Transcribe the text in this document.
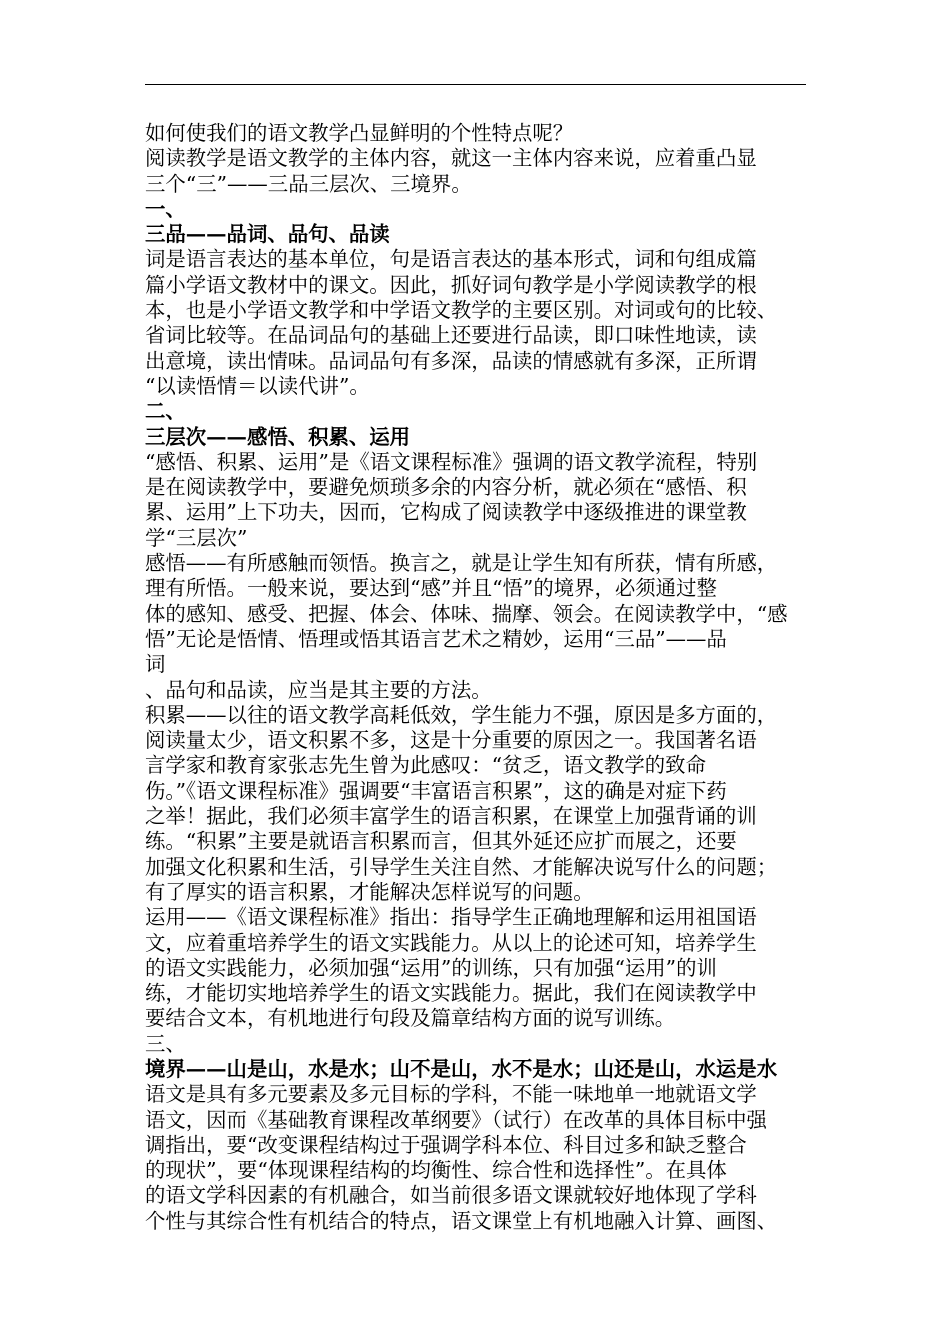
如何使我们的语文教学凸显鲜明的个性特点呢？

阅读教学是语文教学的主体内容，就这一主体内容来说，应着重凸显

三个“三”——三品三层次、三境界。

一、

三品——品词、品句、品读

词是语言表达的基本单位，句是语言表达的基本形式，词和句组成篇

篇小学语文教材中的课文。因此，抓好词句教学是小学阅读教学的根

本，也是小学语文教学和中学语文教学的主要区别。对词或句的比较、

省词比较等。在品词品句的基础上还要进行品读，即口味性地读，读

出意境，读出情味。品词品句有多深，品读的情感就有多深，正所谓

“以读悟情＝以读代讲”。

二、

三层次——感悟、积累、运用

“感悟、积累、运用”是《语文课程标准》强调的语文教学流程，特别

是在阅读教学中，要避免烦琐多余的内容分析，就必须在“感悟、积

累、运用”上下功夫，因而，它构成了阅读教学中逐级推进的课堂教

学“三层次”

感悟——有所感触而领悟。换言之，就是让学生知有所获，情有所感，

理有所悟。一般来说，要达到“感”并且“悟”的境界，必须通过整

体的感知、感受、把握、体会、体味、揣摩、领会。在阅读教学中，“感

悟”无论是悟情、悟理或悟其语言艺术之精妙，运用“三品”——品

词

、品句和品读，应当是其主要的方法。

积累——以往的语文教学高耗低效，学生能力不强，原因是多方面的，

阅读量太少，语文积累不多，这是十分重要的原因之一。我国著名语

言学家和教育家张志先生曾为此感叹：“贫乏，语文教学的致命

伤。”《语文课程标准》强调要“丰富语言积累”，这的确是对症下药

之举！据此，我们必须丰富学生的语言积累，在课堂上加强背诵的训

练。“积累”主要是就语言积累而言，但其外延还应扩而展之，还要

加强文化积累和生活，引导学生关注自然、才能解决说写什么的问题；

有了厚实的语言积累，才能解决怎样说写的问题。

运用——《语文课程标准》指出：指导学生正确地理解和运用祖国语

文，应着重培养学生的语文实践能力。从以上的论述可知，培养学生

的语文实践能力，必须加强“运用”的训练，只有加强“运用”的训

练，才能切实地培养学生的语文实践能力。据此，我们在阅读教学中

要结合文本，有机地进行句段及篇章结构方面的说写训练。

三、

境界——山是山，水是水；山不是山，水不是水；山还是山，水运是水

语文是具有多元要素及多元目标的学科，不能一味地单一地就语文学

语文，因而《基础教育课程改革纲要》（试行）在改革的具体目标中强

调指出，要“改变课程结构过于强调学科本位、科目过多和缺乏整合

的现状”，要“体现课程结构的均衡性、综合性和选择性”。在具体

的语文学科因素的有机融合，如当前很多语文课就较好地体现了学科

个性与其综合性有机结合的特点，语文课堂上有机地融入计算、画图、
